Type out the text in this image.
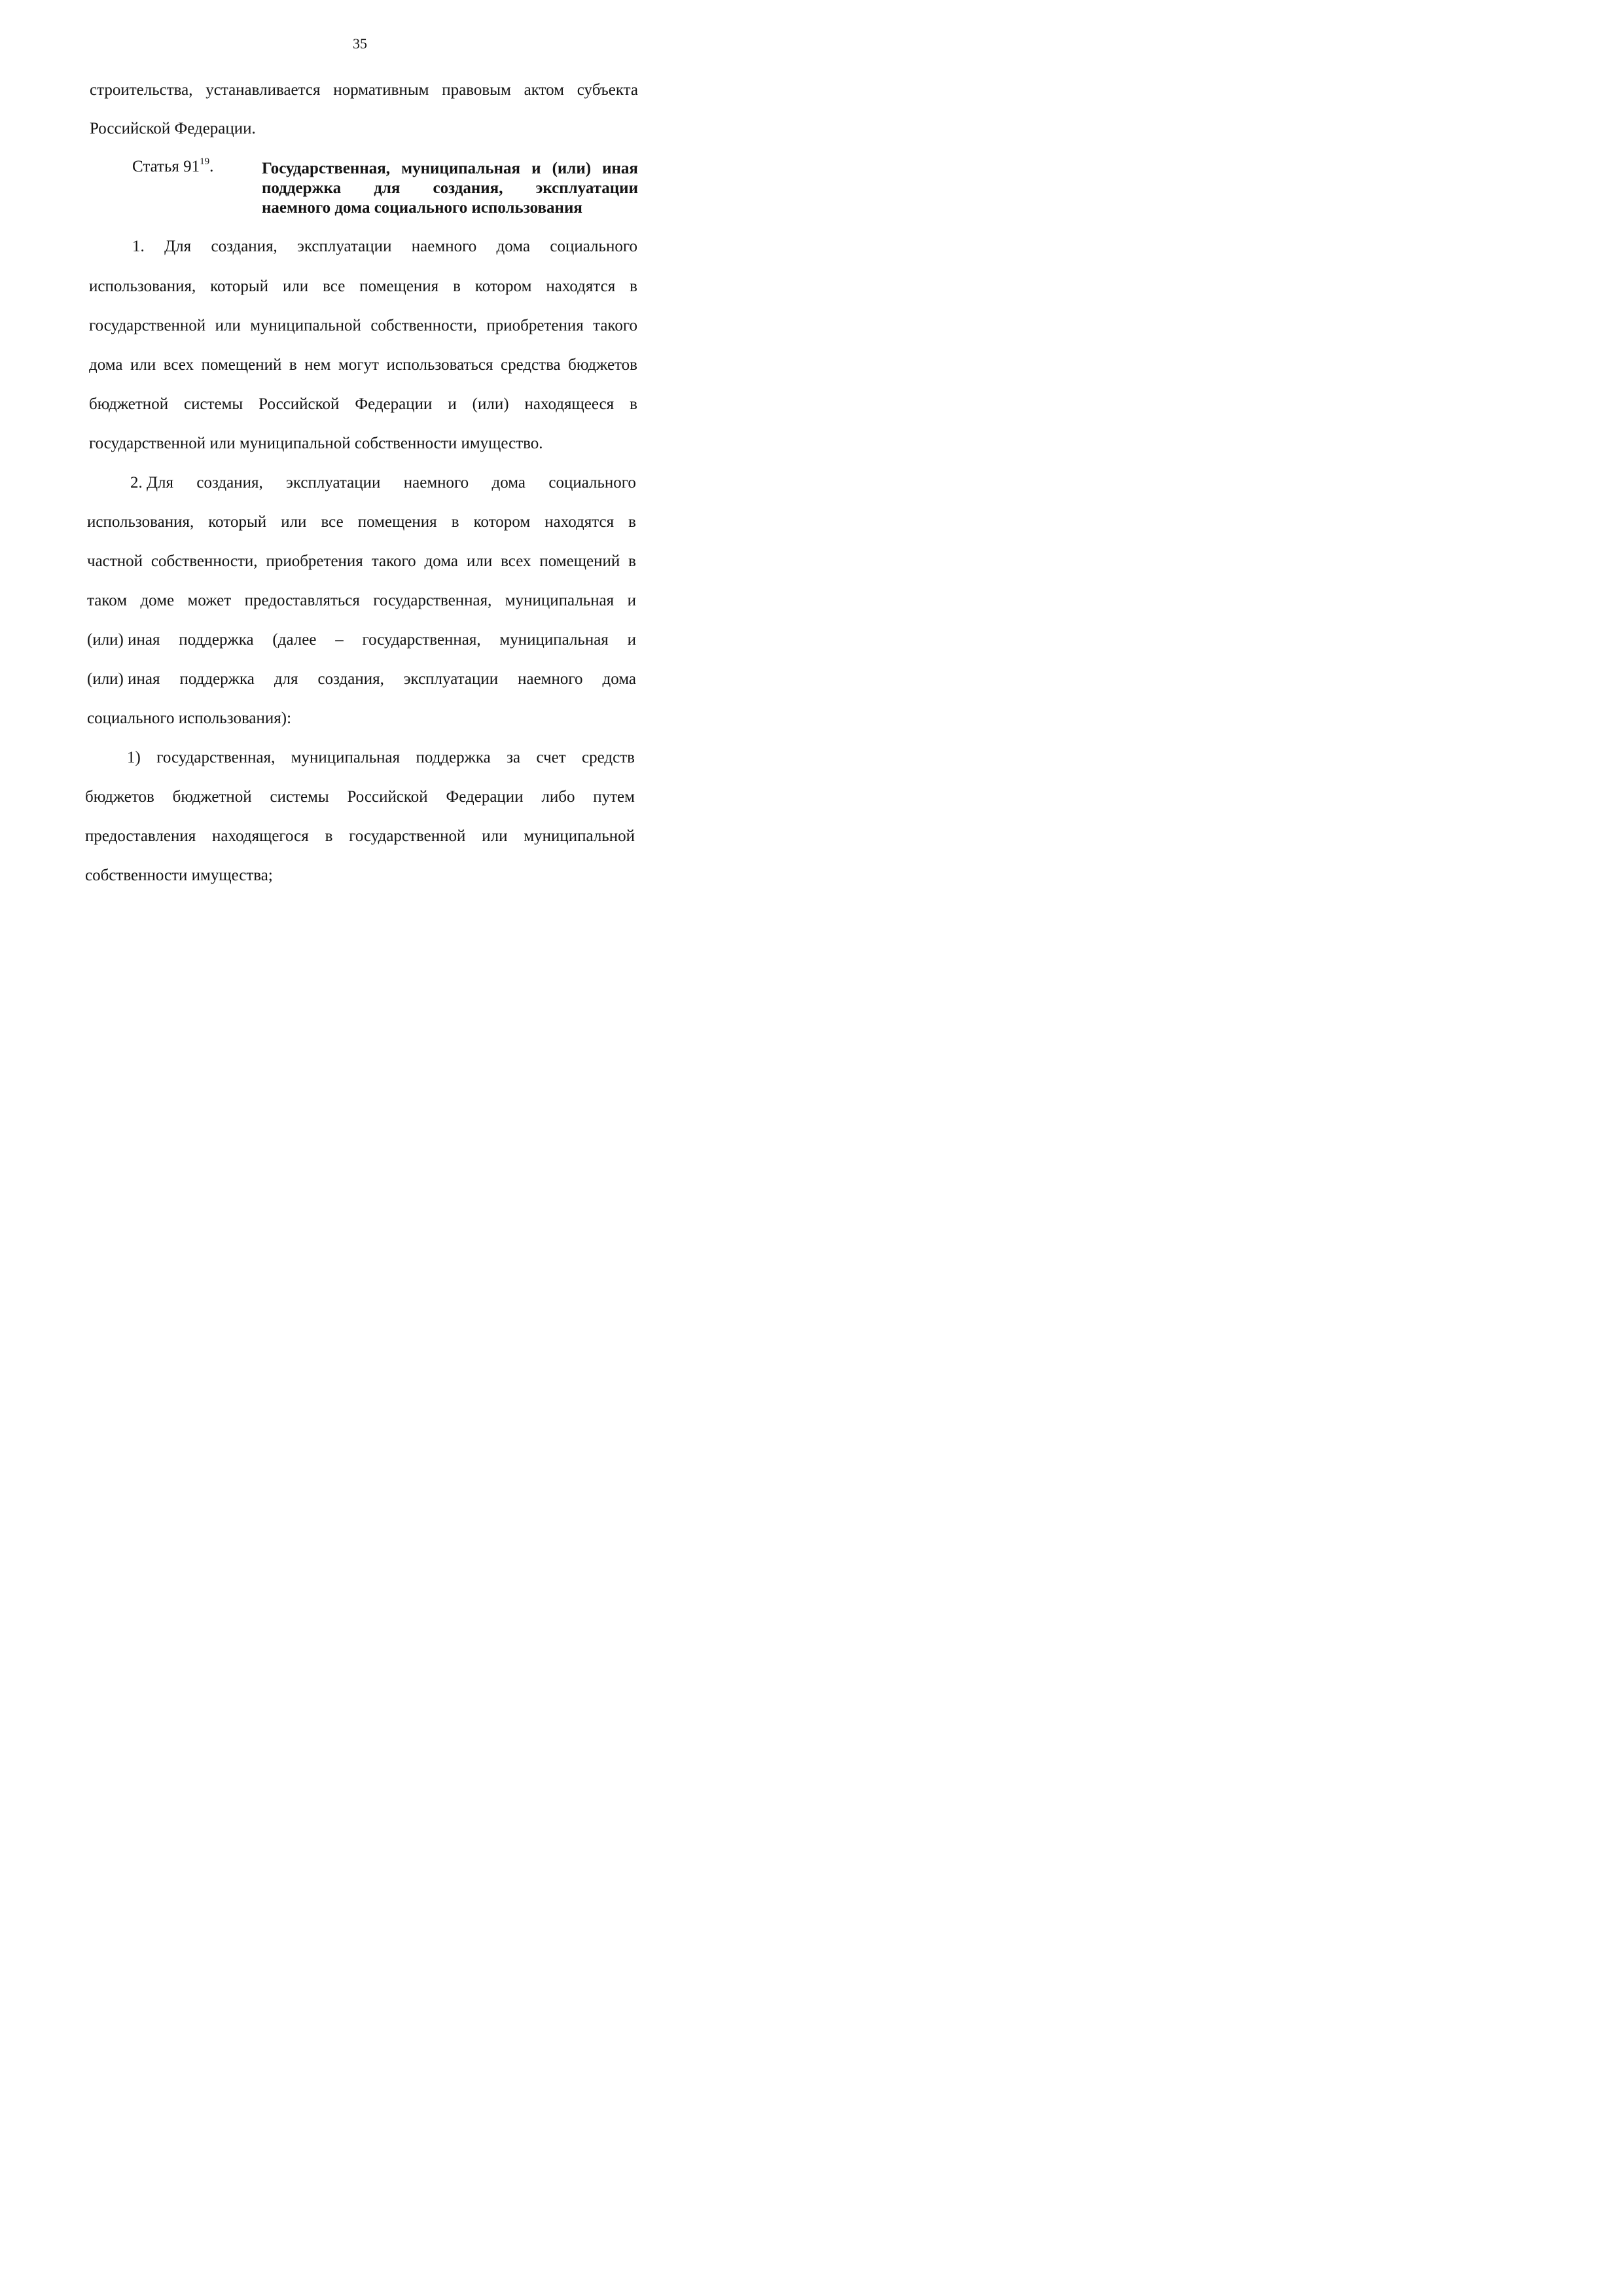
35
строительства, устанавливается нормативным правовым актом субъекта
Российской Федерации.
Статья $91^{19}$.	Государственная, муниципальная и (или) иная
поддержка для создания, эксплуатации
наемного дома социального использования
1. Для создания, эксплуатации наемного дома социального
использования, который или все помещения в котором находятся в
государственной или муниципальной собственности, приобретения такого
дома или всех помещений в нем могут использоваться средства бюджетов
бюджетной системы Российской Федерации и (или) находящееся в
государственной или муниципальной собственности имущество.
2. Для создания, эксплуатации наемного дома социального
использования, который или все помещения в котором находятся в
частной собственности, приобретения такого дома или всех помещений в
таком доме может предоставляться государственная, муниципальная и
(или) иная поддержка (далее – государственная, муниципальная и
(или) иная поддержка для создания, эксплуатации наемного дома
социального использования):
1) государственная, муниципальная поддержка за счет средств
бюджетов бюджетной системы Российской Федерации либо путем
предоставления находящегося в государственной или муниципальной
собственности имущества;
